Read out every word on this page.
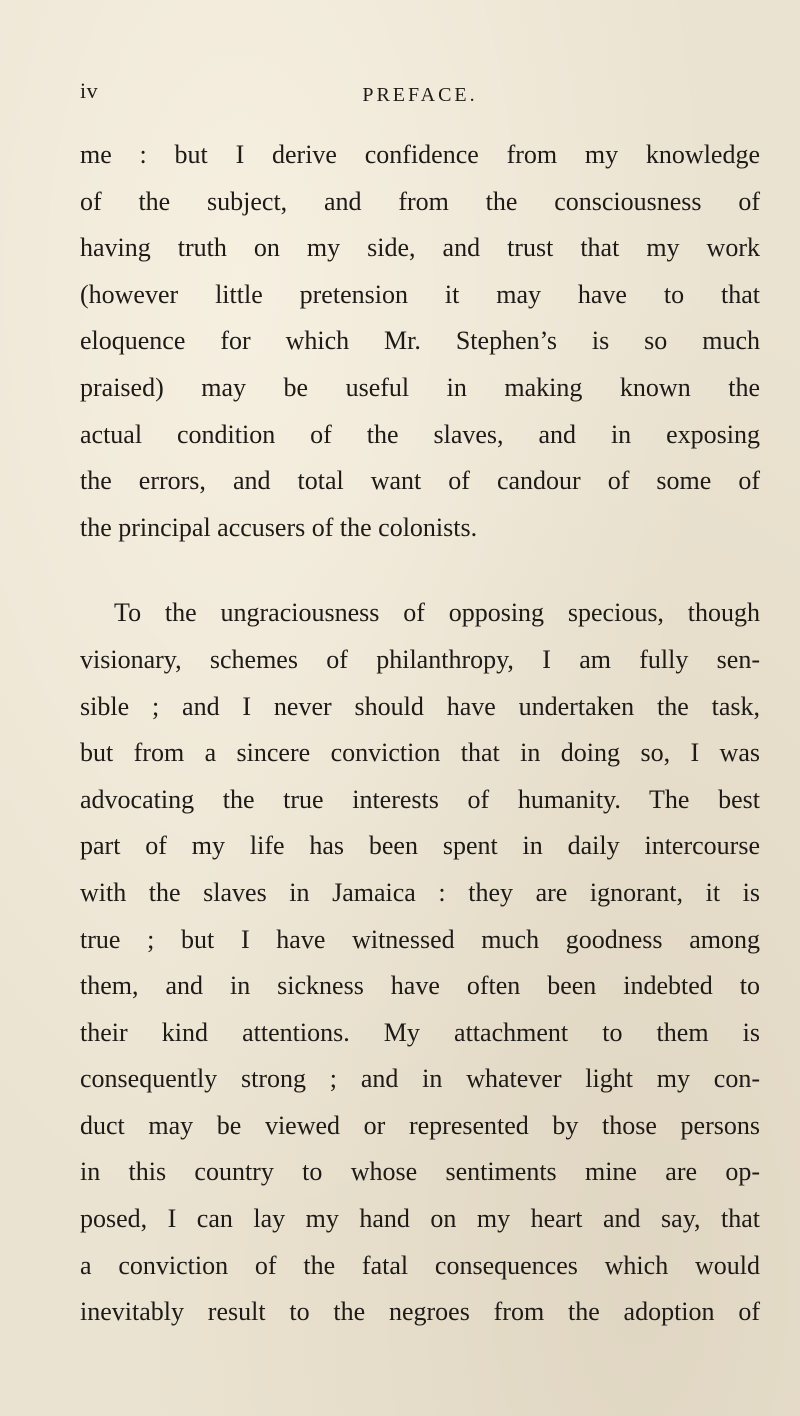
iv	PREFACE.
me : but I derive confidence from my knowledge
of the subject, and from the consciousness of
having truth on my side, and trust that my work
(however little pretension it may have to that
eloquence for which Mr. Stephen’s is so much
praised) may be useful in making known the
actual condition of the slaves, and in exposing
the errors, and total want of candour of some of
the principal accusers of the colonists.
To the ungraciousness of opposing specious, though
visionary, schemes of philanthropy, I am fully sen-
sible ; and I never should have undertaken the task,
but from a sincere conviction that in doing so, I was
advocating the true interests of humanity. The best
part of my life has been spent in daily intercourse
with the slaves in Jamaica : they are ignorant, it is
true ; but I have witnessed much goodness among
them, and in sickness have often been indebted to
their kind attentions. My attachment to them is
consequently strong ; and in whatever light my con-
duct may be viewed or represented by those persons
in this country to whose sentiments mine are op-
posed, I can lay my hand on my heart and say, that
a conviction of the fatal consequences which would
inevitably result to the negroes from the adoption of
